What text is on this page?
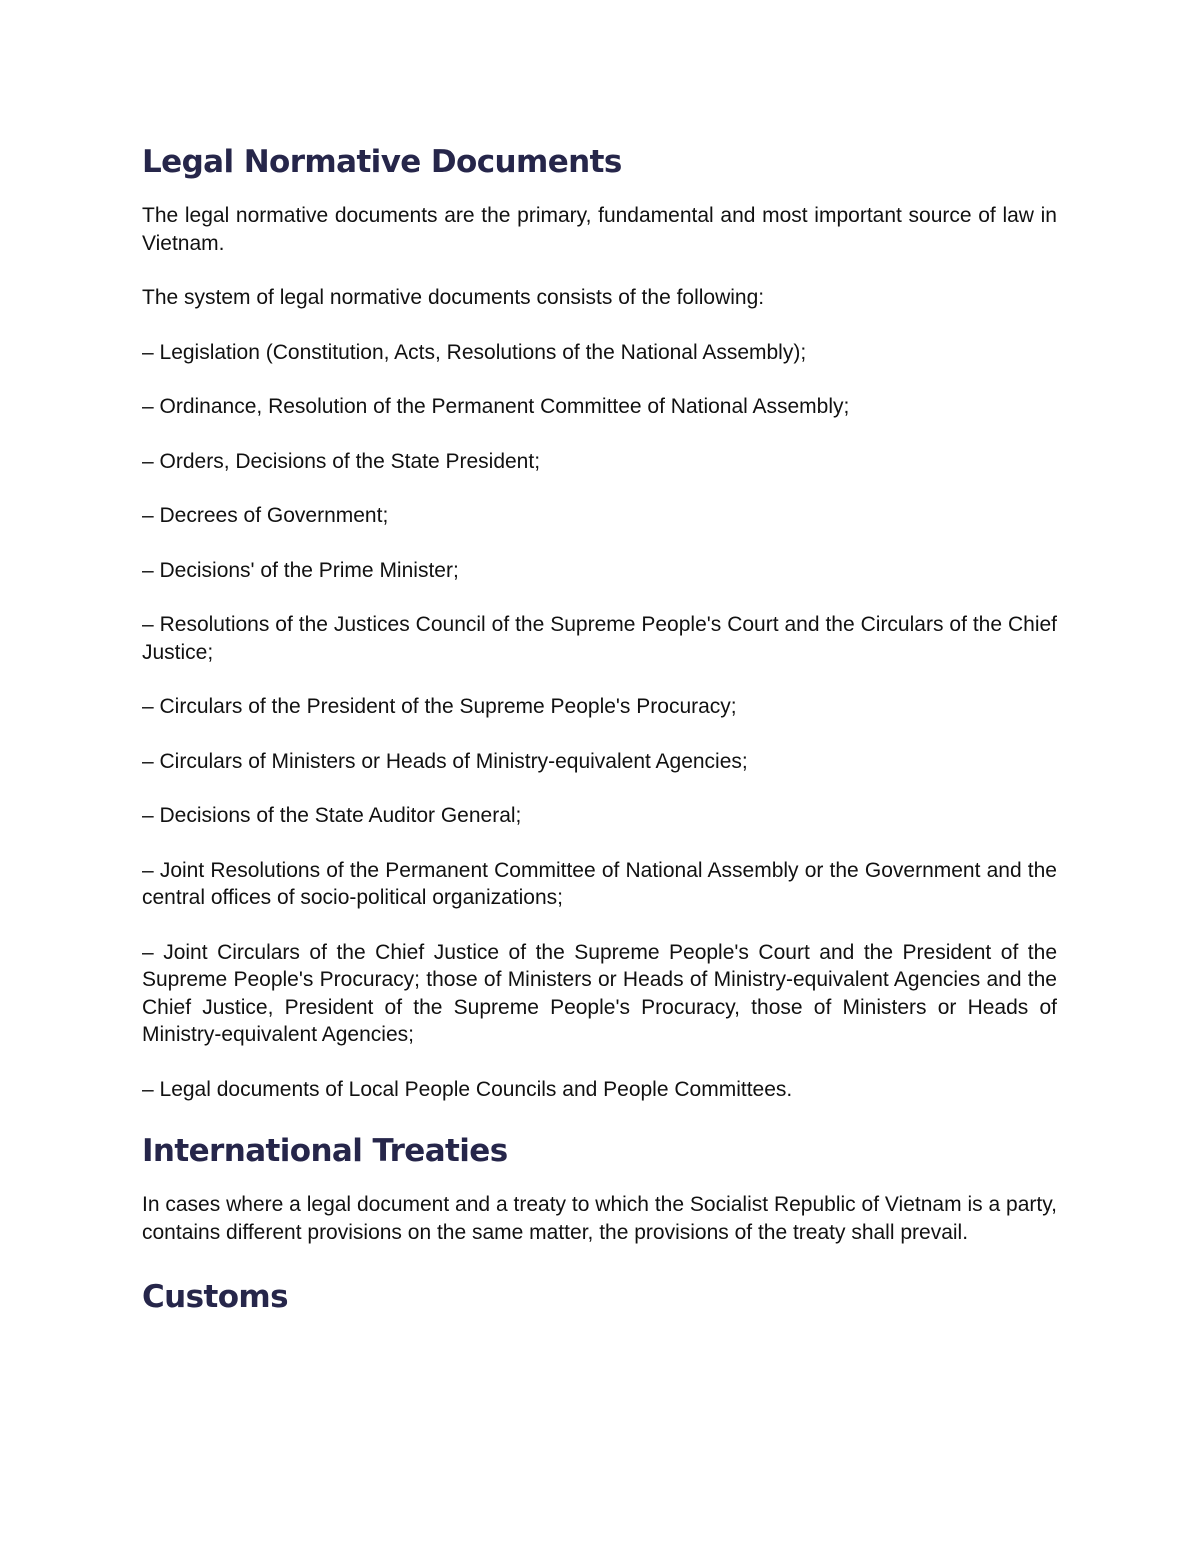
Legal Normative Documents

The legal normative documents are the primary, fundamental and most important source of law in Vietnam.

The system of legal normative documents consists of the following:

– Legislation (Constitution, Acts, Resolutions of the National Assembly);

– Ordinance, Resolution of the Permanent Committee of National Assembly;

– Orders, Decisions of the State President;

– Decrees of Government;

– Decisions' of the Prime Minister;

– Resolutions of the Justices Council of the Supreme People's Court and the Circulars of the Chief Justice;

– Circulars of the President of the Supreme People's Procuracy;

– Circulars of Ministers or Heads of Ministry-equivalent Agencies;

– Decisions of the State Auditor General;

– Joint Resolutions of the Permanent Committee of National Assembly or the Government and the central offices of socio-political organizations;

– Joint Circulars of the Chief Justice of the Supreme People's Court and the President of the Supreme People's Procuracy; those of Ministers or Heads of Ministry-equivalent Agencies and the Chief Justice, President of the Supreme People's Procuracy, those of Ministers or Heads of Ministry-equivalent Agencies;

– Legal documents of Local People Councils and People Committees.

International Treaties

In cases where a legal document and a treaty to which the Socialist Republic of Vietnam is a party, contains different provisions on the same matter, the provisions of the treaty shall prevail.

Customs
